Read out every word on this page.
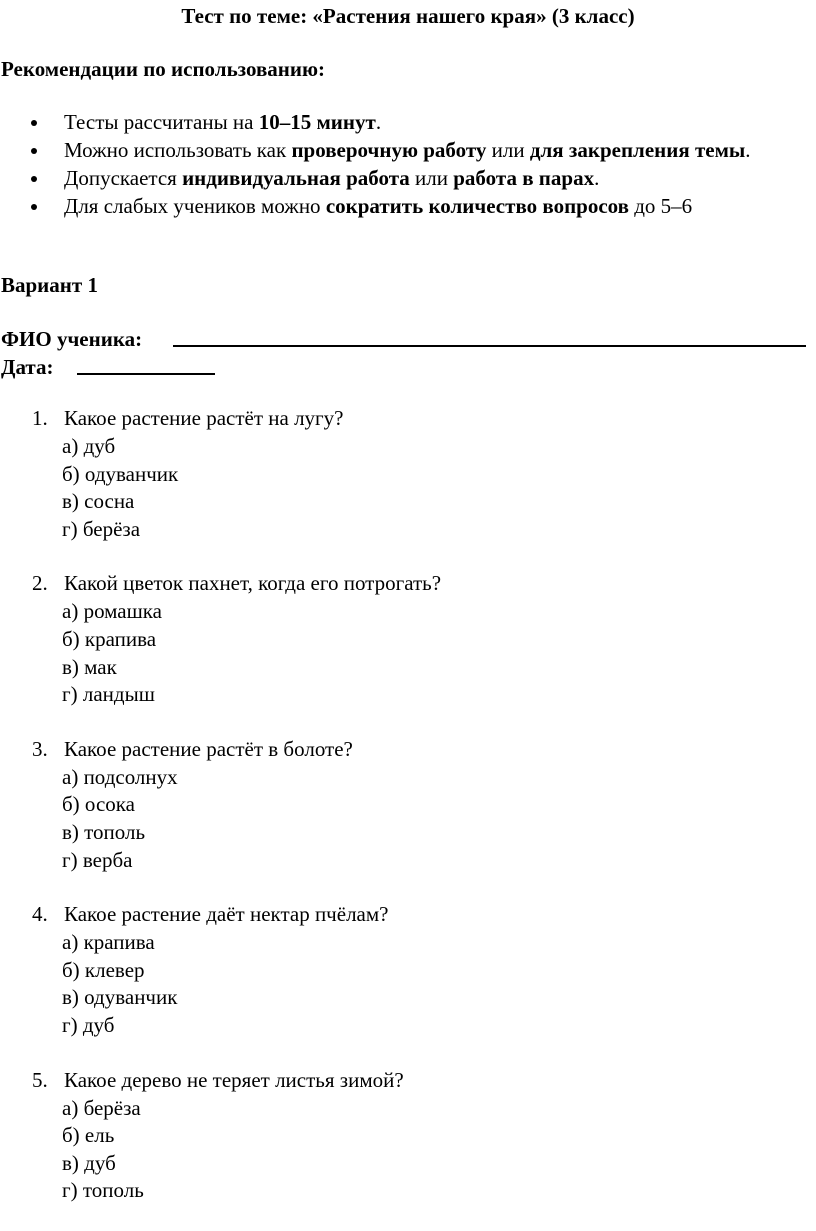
Тест по теме: «Растения нашего края» (3 класс)
Рекомендации по использованию:
Тесты рассчитаны на 10–15 минут.
Можно использовать как проверочную работу или для закрепления темы.
Допускается индивидуальная работа или работа в парах.
Для слабых учеников можно сократить количество вопросов до 5–6
Вариант 1
ФИО ученика:
Дата:
1. Какое растение растёт на лугу?
а) дуб
б) одуванчик
в) сосна
г) берёза
2. Какой цветок пахнет, когда его потрогать?
а) ромашка
б) крапива
в) мак
г) ландыш
3. Какое растение растёт в болоте?
а) подсолнух
б) осока
в) тополь
г) верба
4. Какое растение даёт нектар пчёлам?
а) крапива
б) клевер
в) одуванчик
г) дуб
5. Какое дерево не теряет листья зимой?
а) берёза
б) ель
в) дуб
г) тополь
